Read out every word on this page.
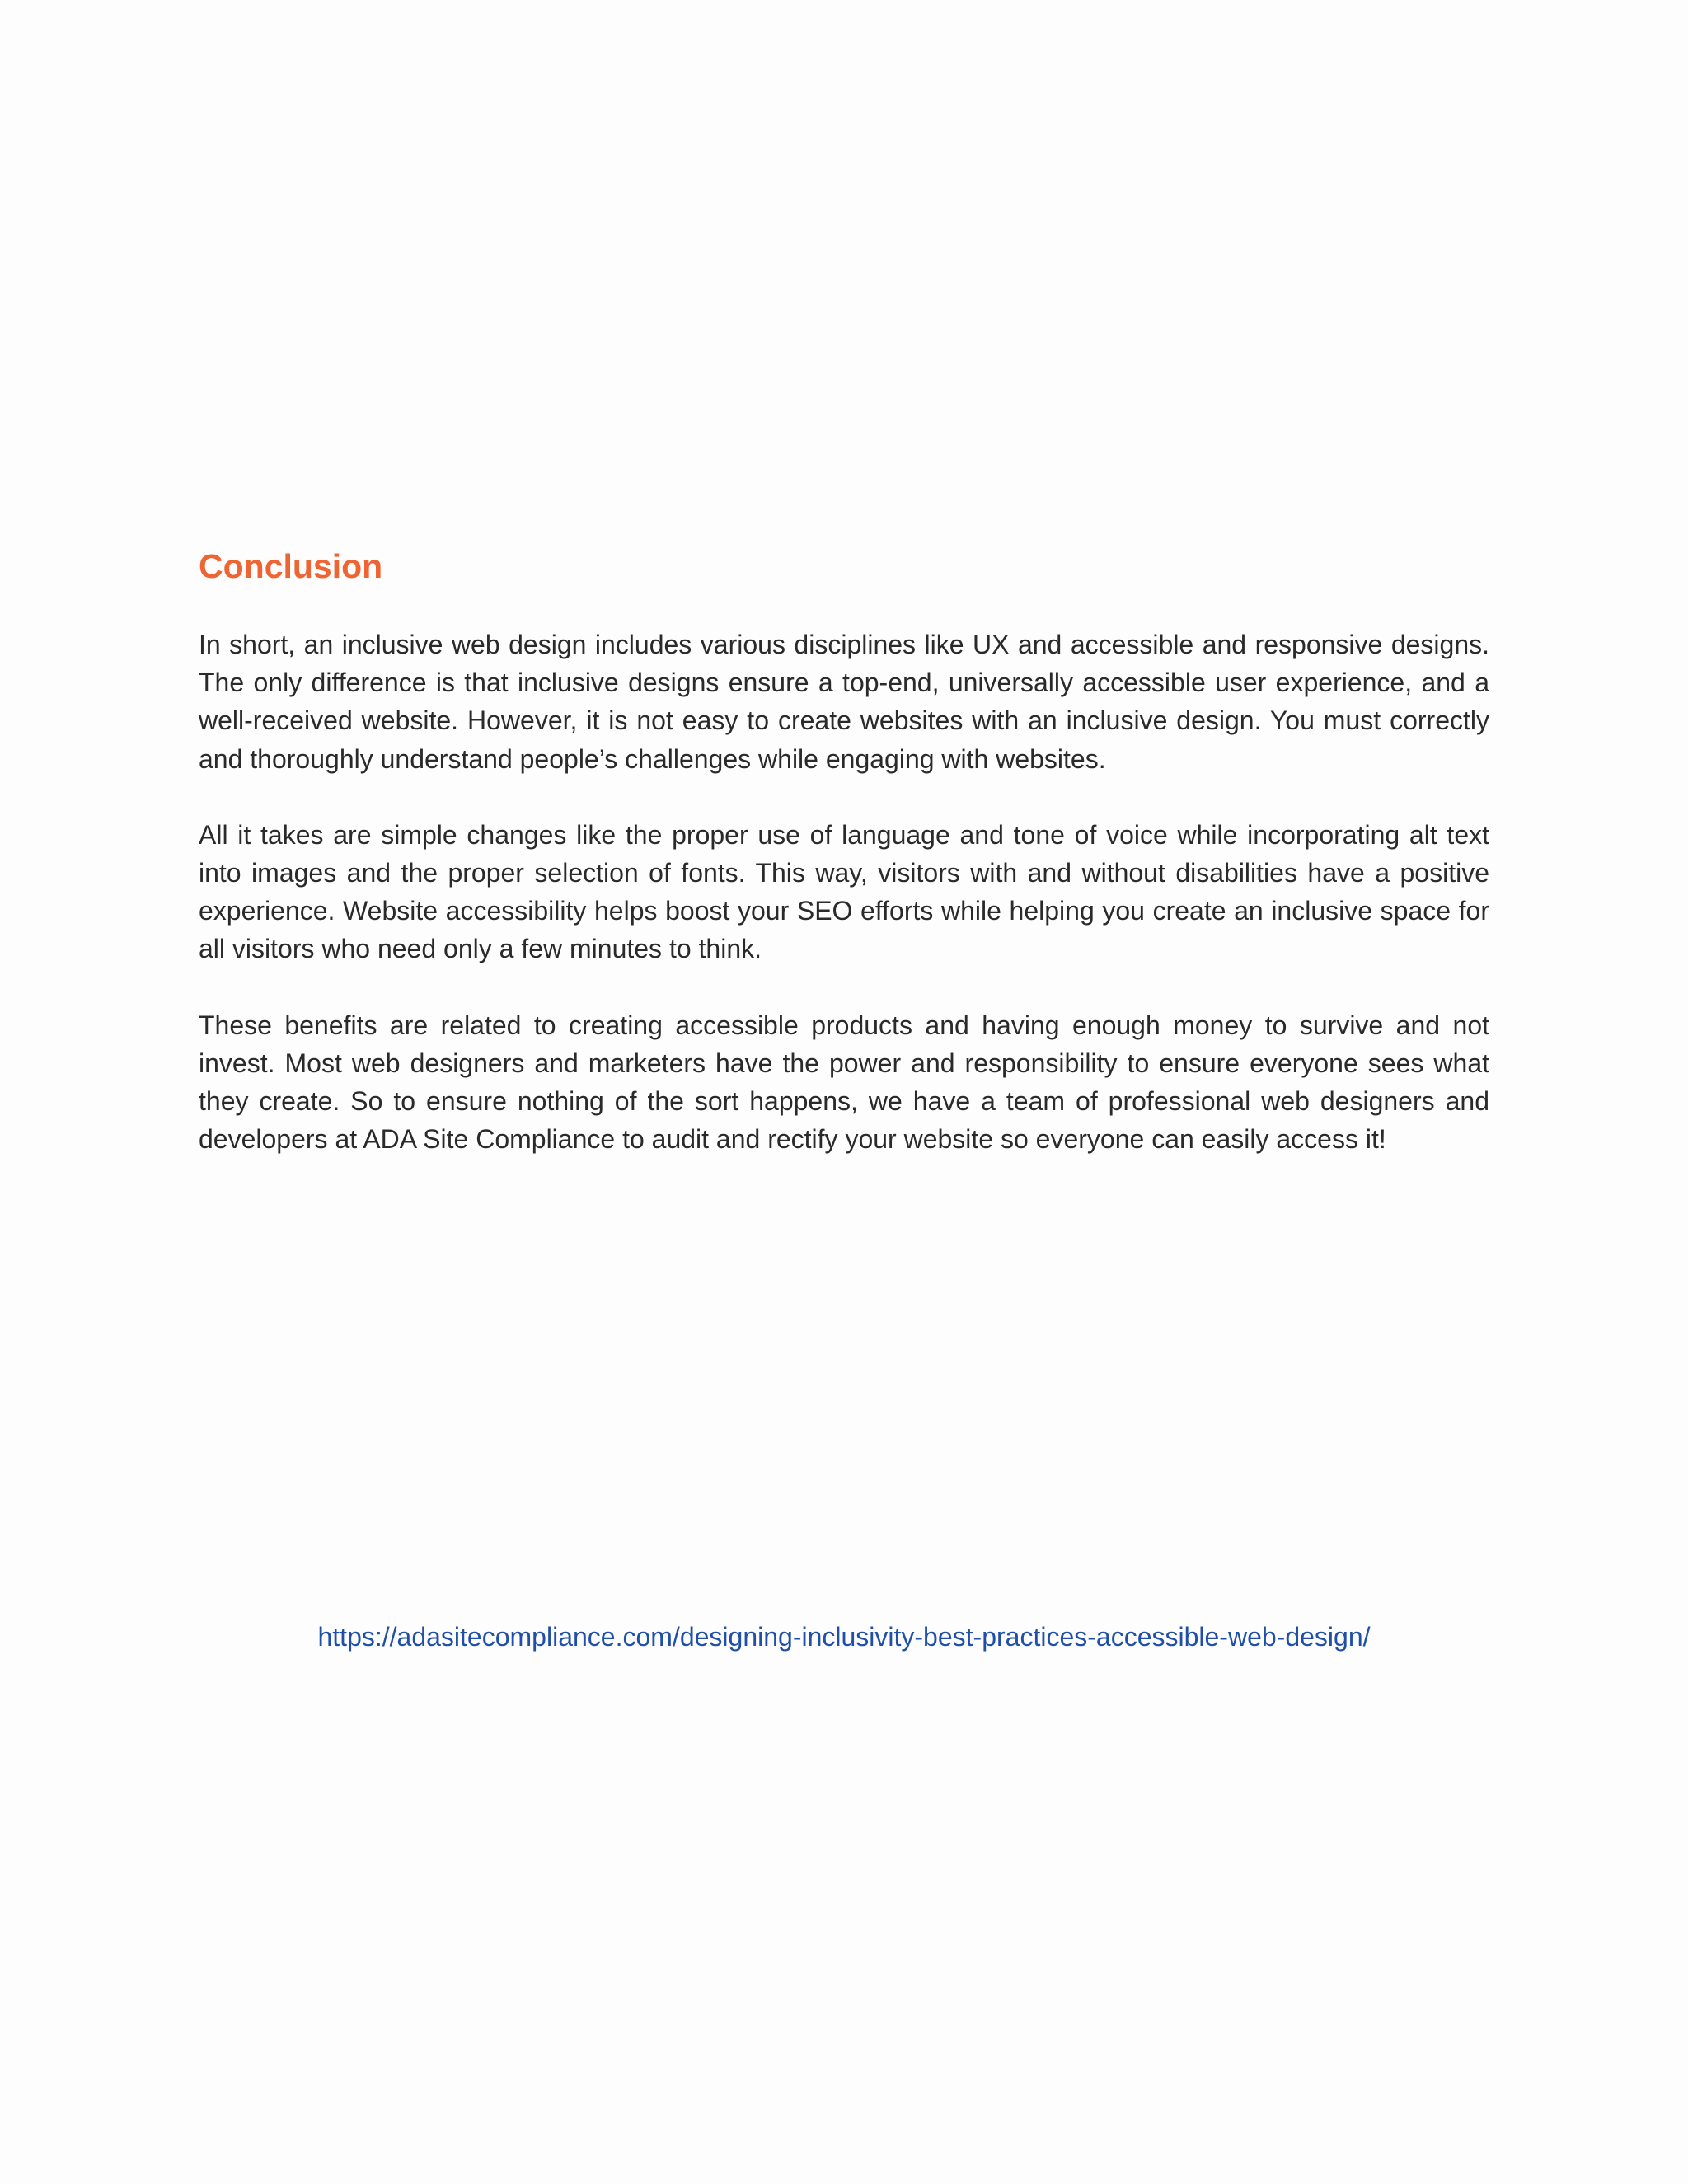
Conclusion

In short, an inclusive web design includes various disciplines like UX and accessible and responsive designs. The only difference is that inclusive designs ensure a top-end, universally accessible user experience, and a well-received website. However, it is not easy to create websites with an inclusive design. You must correctly and thoroughly understand people’s challenges while engaging with websites.

All it takes are simple changes like the proper use of language and tone of voice while incorporating alt text into images and the proper selection of fonts. This way, visitors with and without disabilities have a positive experience. Website accessibility helps boost your SEO efforts while helping you create an inclusive space for all visitors who need only a few minutes to think.

These benefits are related to creating accessible products and having enough money to survive and not invest. Most web designers and marketers have the power and responsibility to ensure everyone sees what they create. So to ensure nothing of the sort happens, we have a team of professional web designers and developers at ADA Site Compliance to audit and rectify your website so everyone can easily access it!

https://adasitecompliance.com/designing-inclusivity-best-practices-accessible-web-design/
